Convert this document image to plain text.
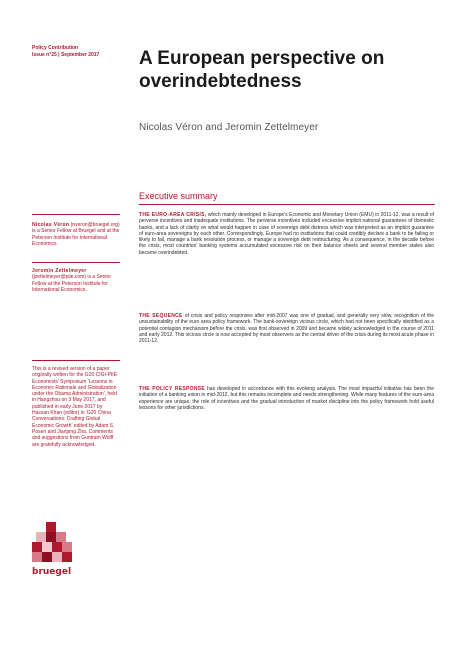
Policy Contribution
Issue n°25 | September 2017	A European perspective on overindebtedness
Nicolas Véron and Jeromin Zettelmeyer
Executive summary
THE EURO-AREA CRISIS, which mainly developed in Europe's Economic and Monetary Union (EMU) in 2011-12, was a result of perverse incentives and inadequate institutions. The perverse incentives included excessive implicit national guarantees of domestic banks, and a lack of clarity on what would happen in case of sovereign debt distress which was interpreted as an implicit guarantee of euro-area sovereigns by each other. Correspondingly, Europe had no institutions that could credibly declare a bank to be failing or likely to fail, manage a bank resolution process, or manage a sovereign debt restructuring. As a consequence, in the decade before the crisis, most countries' banking systems accumulated excessive risk on their balance sheets and several member states also became overindebted.
THE SEQUENCE of crisis and policy responses after mid-2007 was one of gradual, and generally very slow, recognition of the unsustainability of the euro area policy framework. The bank-sovereign vicious circle, which had not been specifically identified as a potential contagion mechanism before the crisis, was first observed in 2009 and became widely acknowledged in the course of 2011 and early 2012. This vicious circle is now accepted by most observers as the central driver of the crisis during its most acute phase in 2011-12.
THE POLICY RESPONSE has developed in accordance with this evolving analysis. The most impactful initiative has been the initiation of a banking union in mid-2012, but this remains incomplete and needs strengthening. While many features of the euro-area experience are unique, the role of incentives and the gradual introduction of market discipline into the policy framework hold useful lessons for other jurisdictions.
Nicolas Véron (nveron@bruegel.org) is a Senior Fellow at Bruegel and at the Peterson Institute for International Economics.
Jeromin Zettelmeyer (jzettelmeyer@piie.com) is a Senior Fellow at the Peterson Institute for International Economics.
This is a revised version of a paper originally written for the G20 CIGI-PIIE Economists' Symposium 'Lessons in Economic Rationale and Globalization under the Obama Administration', held in Hangzhou on 3 May 2017, and published in early June 2017 by Hassan Khan (editor) in 'G20 China Conversations: Crafting Global Economic Growth' edited by Adam S. Posen and Jianping Zha. Comments and suggestions from Guntram Wolff are gratefully acknowledged.
bruegel
